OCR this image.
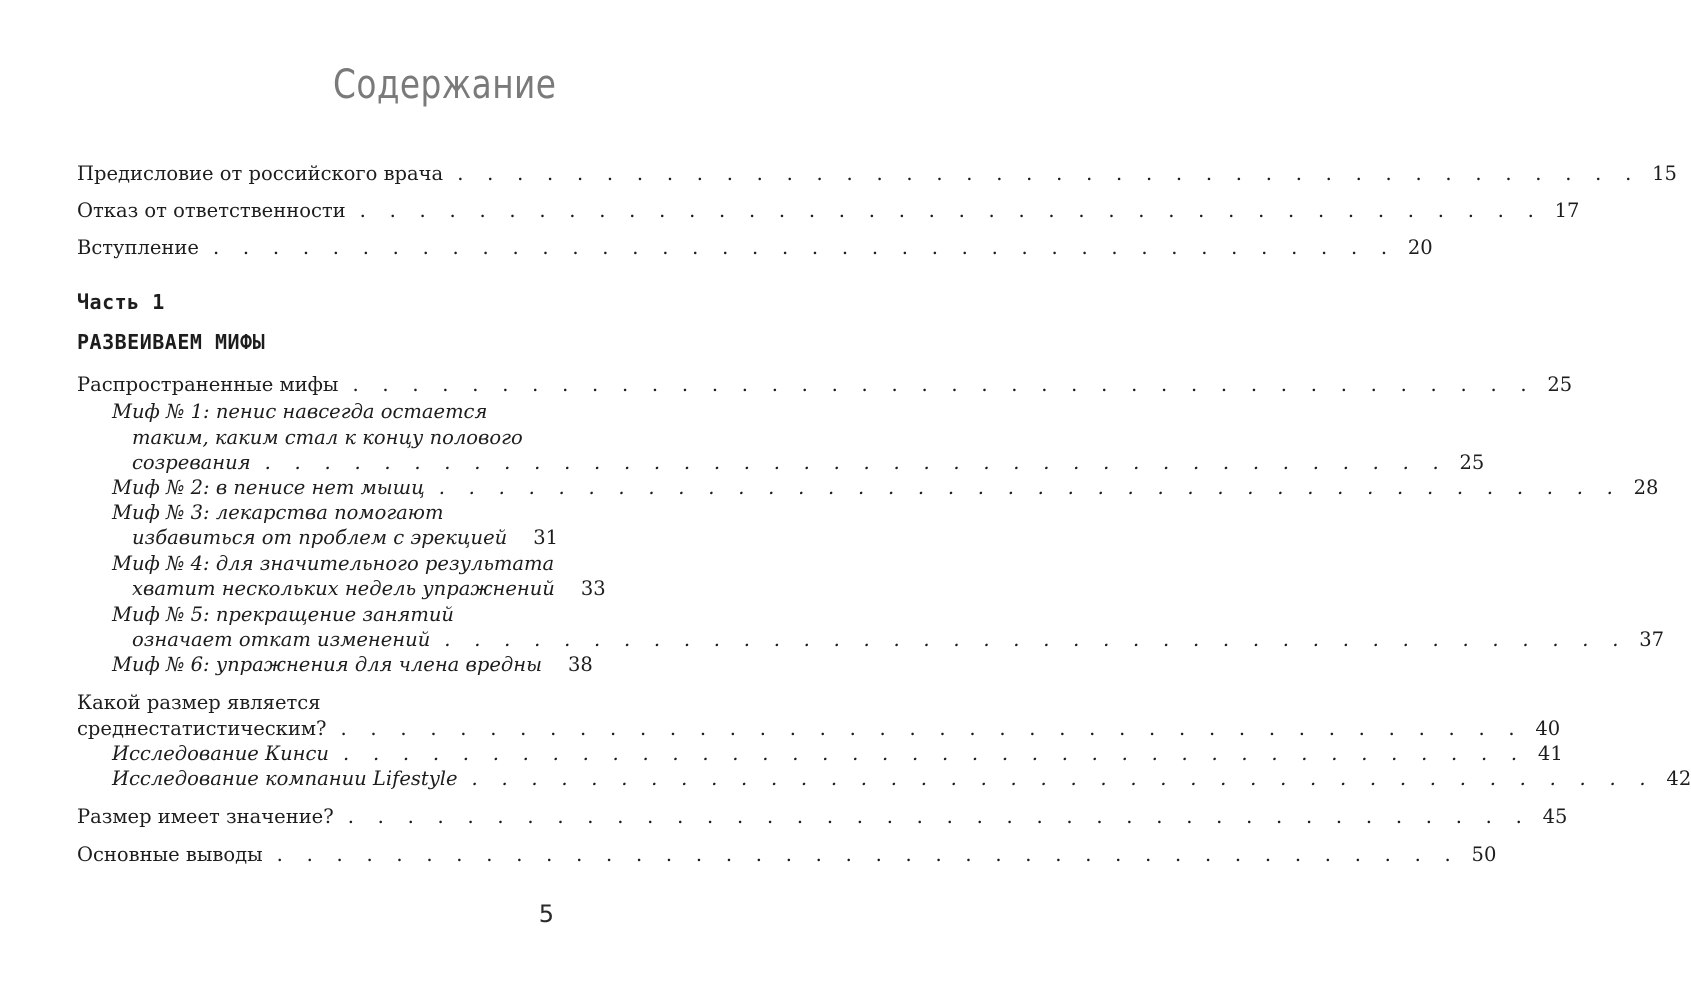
Содержание
Предисловие от российского врача . . . . . . . . . . . . . . . . . . . . . . . . . . . . . . . . . . . . . . . . 15
Отказ от ответственности . . . . . . . . . . . . . . . . . . . . . . . . . . . . . . . . . . . . . . . . 17
Вступление . . . . . . . . . . . . . . . . . . . . . . . . . . . . . . . . . . . . . . . . 20
Часть 1
РАЗВЕИВАЕМ МИФЫ
Распространенные мифы . . . . . . . . . . . . . . . . . . . . . . . . . . . . . . . . . . . . . . . . 25
Миф № 1: пенис навсегда остается
таким, каким стал к концу полового
созревания . . . . . . . . . . . . . . . . . . . . . . . . . . . . . . . . . . . . . . . . 25
Миф № 2: в пенисе нет мышц . . . . . . . . . . . . . . . . . . . . . . . . . . . . . . . . . . . . . . . . 28
Миф № 3: лекарства помогают
избавиться от проблем с эрекцией 31
Миф № 4: для значительного результата
хватит нескольких недель упражнений 33
Миф № 5: прекращение занятий
означает откат изменений . . . . . . . . . . . . . . . . . . . . . . . . . . . . . . . . . . . . . . . . 37
Миф № 6: упражнения для члена вредны 38
Какой размер является
среднестатистическим? . . . . . . . . . . . . . . . . . . . . . . . . . . . . . . . . . . . . . . . . 40
Исследование Кинси . . . . . . . . . . . . . . . . . . . . . . . . . . . . . . . . . . . . . . . . 41
Исследование компании Lifestyle . . . . . . . . . . . . . . . . . . . . . . . . . . . . . . . . . . . . . . . . 42
Размер имеет значение? . . . . . . . . . . . . . . . . . . . . . . . . . . . . . . . . . . . . . . . . 45
Основные выводы . . . . . . . . . . . . . . . . . . . . . . . . . . . . . . . . . . . . . . . . 50
5
